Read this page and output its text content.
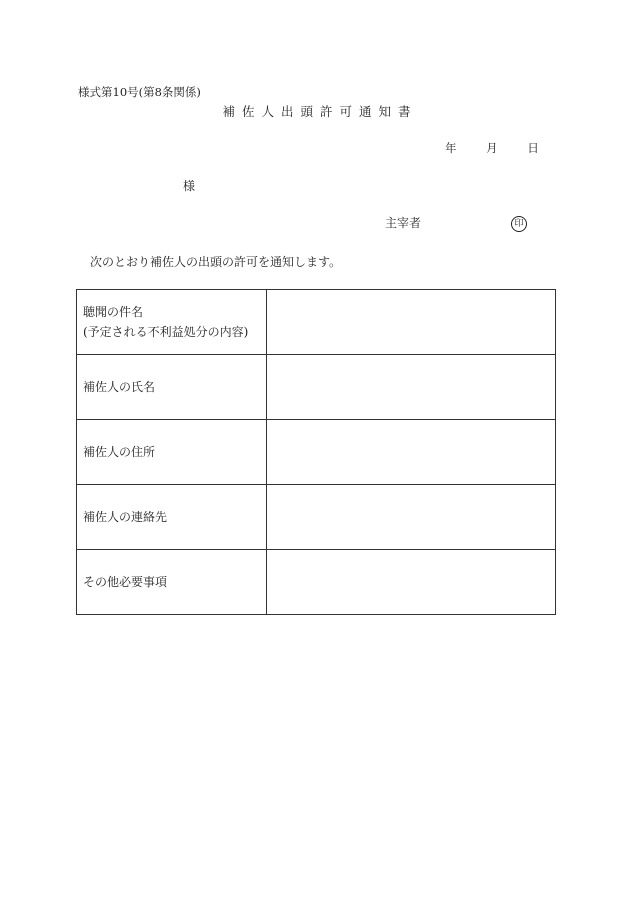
様式第10号(第8条関係)
補佐人出頭許可通知書
年	月	日
様
主宰者	印
次のとおり補佐人の出頭の許可を通知します。
聴聞の件名
(予定される不利益処分の内容)	

補佐人の氏名	

補佐人の住所	

補佐人の連絡先	

その他必要事項	
